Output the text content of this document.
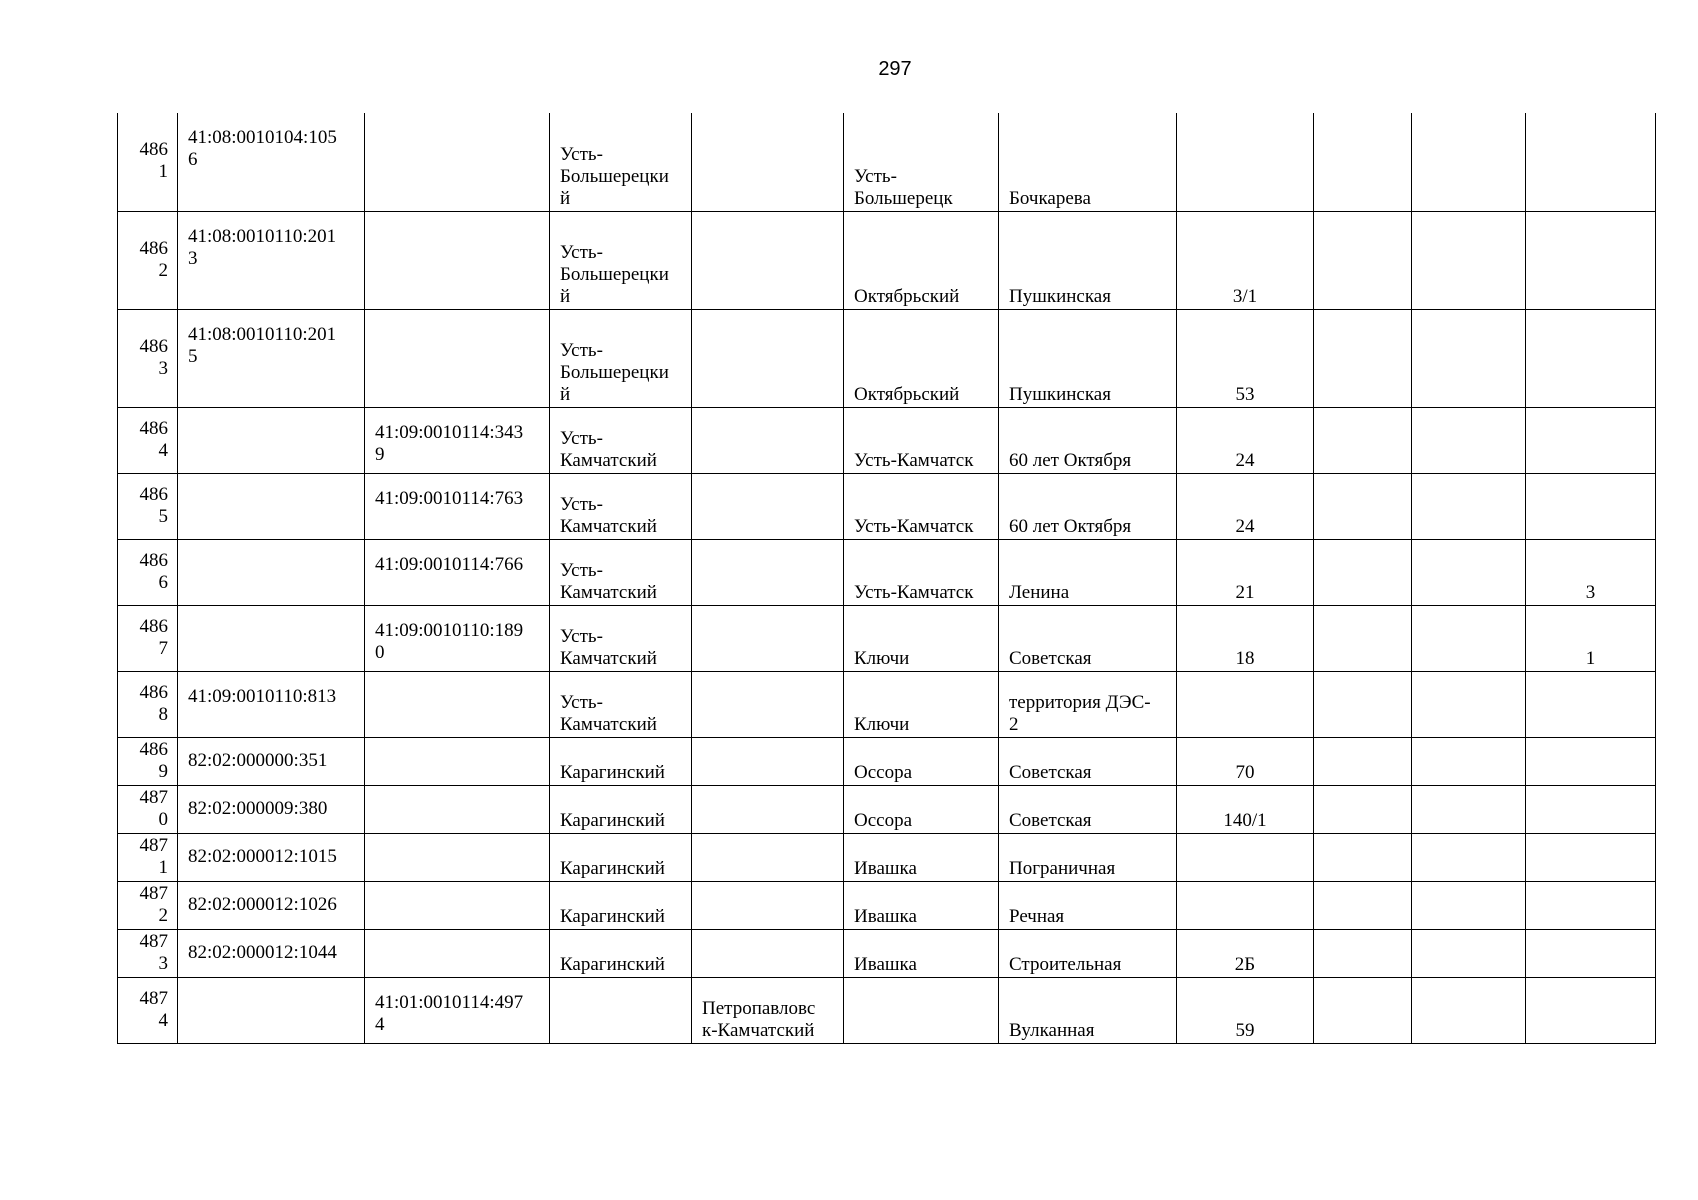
297
486
1	41:08:0010104:105
6		Усть-
Большерецки
й		Усть-
Большерецк	Бочкарева				
486
2	41:08:0010110:201
3		Усть-
Большерецки
й		Октябрьский	Пушкинская	3/1			
486
3	41:08:0010110:201
5		Усть-
Большерецки
й		Октябрьский	Пушкинская	53			
486
4		41:09:0010114:343
9	Усть-
Камчатский		Усть-Камчатск	60 лет Октября	24			
486
5		41:09:0010114:763	Усть-
Камчатский		Усть-Камчатск	60 лет Октября	24			
486
6		41:09:0010114:766	Усть-
Камчатский		Усть-Камчатск	Ленина	21			3
486
7		41:09:0010110:189
0	Усть-
Камчатский		Ключи	Советская	18			1
486
8	41:09:0010110:813		Усть-
Камчатский		Ключи	территория ДЭС-
2				
486
9	82:02:000000:351		Карагинский		Оссора	Советская	70			
487
0	82:02:000009:380		Карагинский		Оссора	Советская	140/1			
487
1	82:02:000012:1015		Карагинский		Ивашка	Пограничная				
487
2	82:02:000012:1026		Карагинский		Ивашка	Речная				
487
3	82:02:000012:1044		Карагинский		Ивашка	Строительная	2Б			
487
4		41:01:0010114:497
4		Петропавловс
к-Камчатский		Вулканная	59			
